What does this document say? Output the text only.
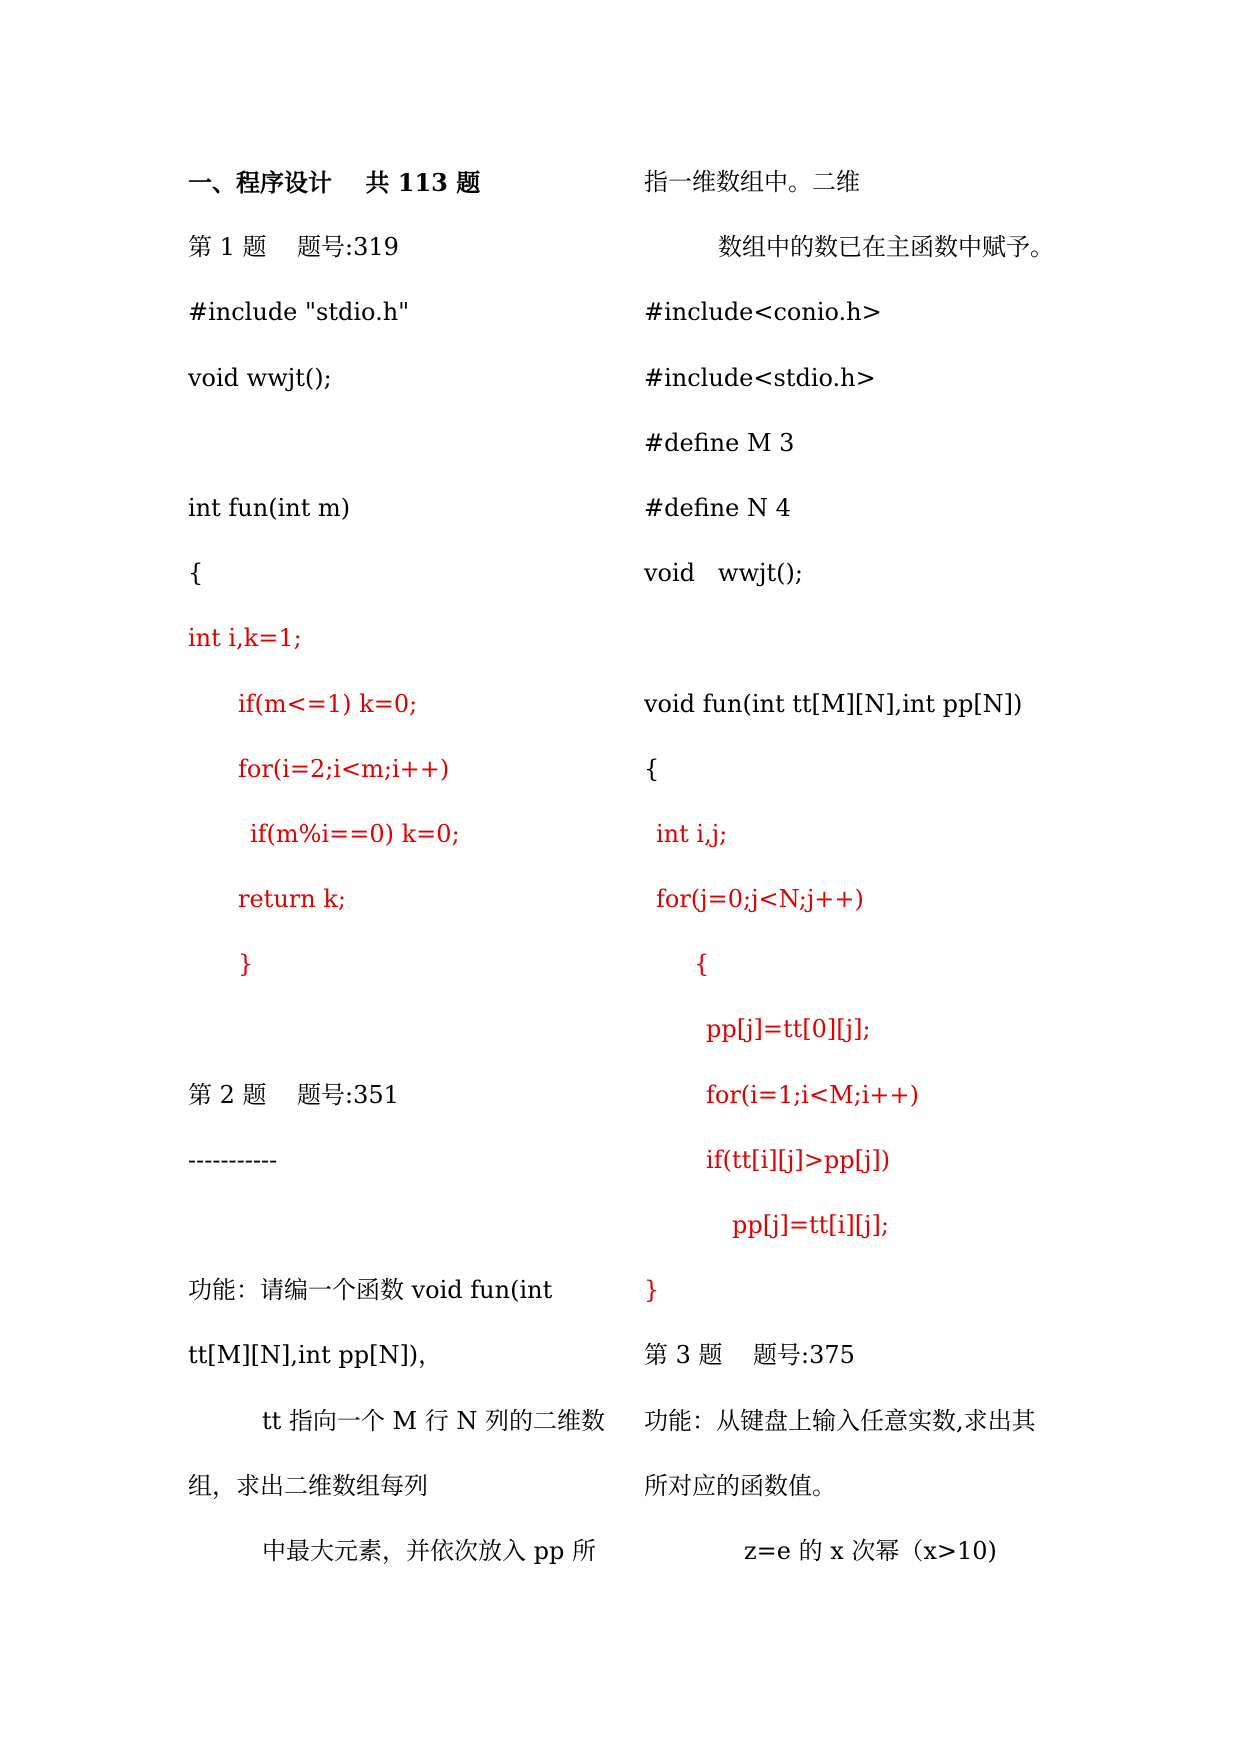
一、程序设计    共 113 题
第 1 题    题号:319
#include "stdio.h"
void wwjt();
int fun(int m)
{
int i,k=1;
if(m<=1) k=0;
for(i=2;i<m;i++)
if(m%i==0) k=0;
return k;
}
第 2 题    题号:351
-----------
功能：请编一个函数 void fun(int
tt[M][N],int pp[N])，
tt 指向一个 M 行 N 列的二维数
组，求出二维数组每列
中最大元素，并依次放入 pp 所
指一维数组中。二维
数组中的数已在主函数中赋予。
#include<conio.h>
#include<stdio.h>
#define M 3
#define N 4
void   wwjt();
void fun(int tt[M][N],int pp[N])
{
int i,j;
for(j=0;j<N;j++)
{
pp[j]=tt[0][j];
for(i=1;i<M;i++)
if(tt[i][j]>pp[j])
pp[j]=tt[i][j];
}
第 3 题    题号:375
功能：从键盘上输入任意实数,求出其
所对应的函数值。
z=e 的 x 次幂（x>10)
